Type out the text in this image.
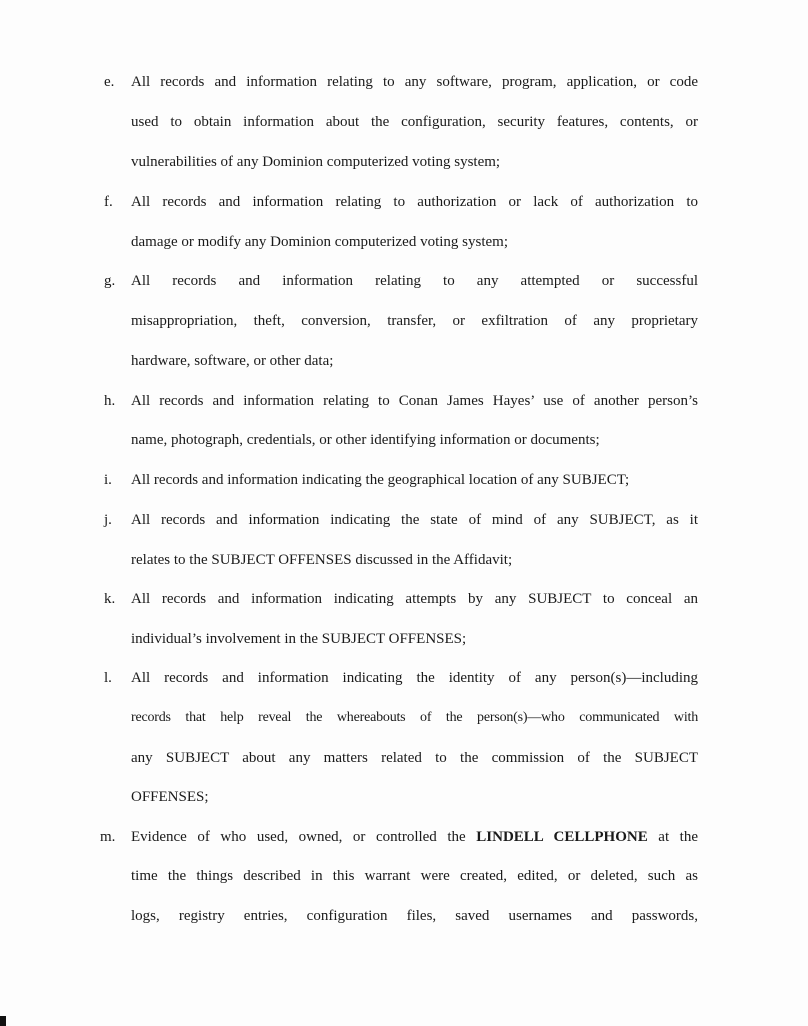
e.	All records and information relating to any software, program, application, or code
used to obtain information about the configuration, security features, contents, or
vulnerabilities of any Dominion computerized voting system;
f.	All records and information relating to authorization or lack of authorization to
damage or modify any Dominion computerized voting system;
g.	All records and information relating to any attempted or successful
misappropriation, theft, conversion, transfer, or exfiltration of any proprietary
hardware, software, or other data;
h.	All records and information relating to Conan James Hayes’ use of another person’s
name, photograph, credentials, or other identifying information or documents;
i.	All records and information indicating the geographical location of any SUBJECT;
j.	All records and information indicating the state of mind of any SUBJECT, as it
relates to the SUBJECT OFFENSES discussed in the Affidavit;
k.	All records and information indicating attempts by any SUBJECT to conceal an
individual’s involvement in the SUBJECT OFFENSES;
l.	All records and information indicating the identity of any person(s)—including
records that help reveal the whereabouts of the person(s)—who communicated with
any SUBJECT about any matters related to the commission of the SUBJECT
OFFENSES;
m.	Evidence of who used, owned, or controlled the LINDELL CELLPHONE at the
time the things described in this warrant were created, edited, or deleted, such as
logs, registry entries, configuration files, saved usernames and passwords,
